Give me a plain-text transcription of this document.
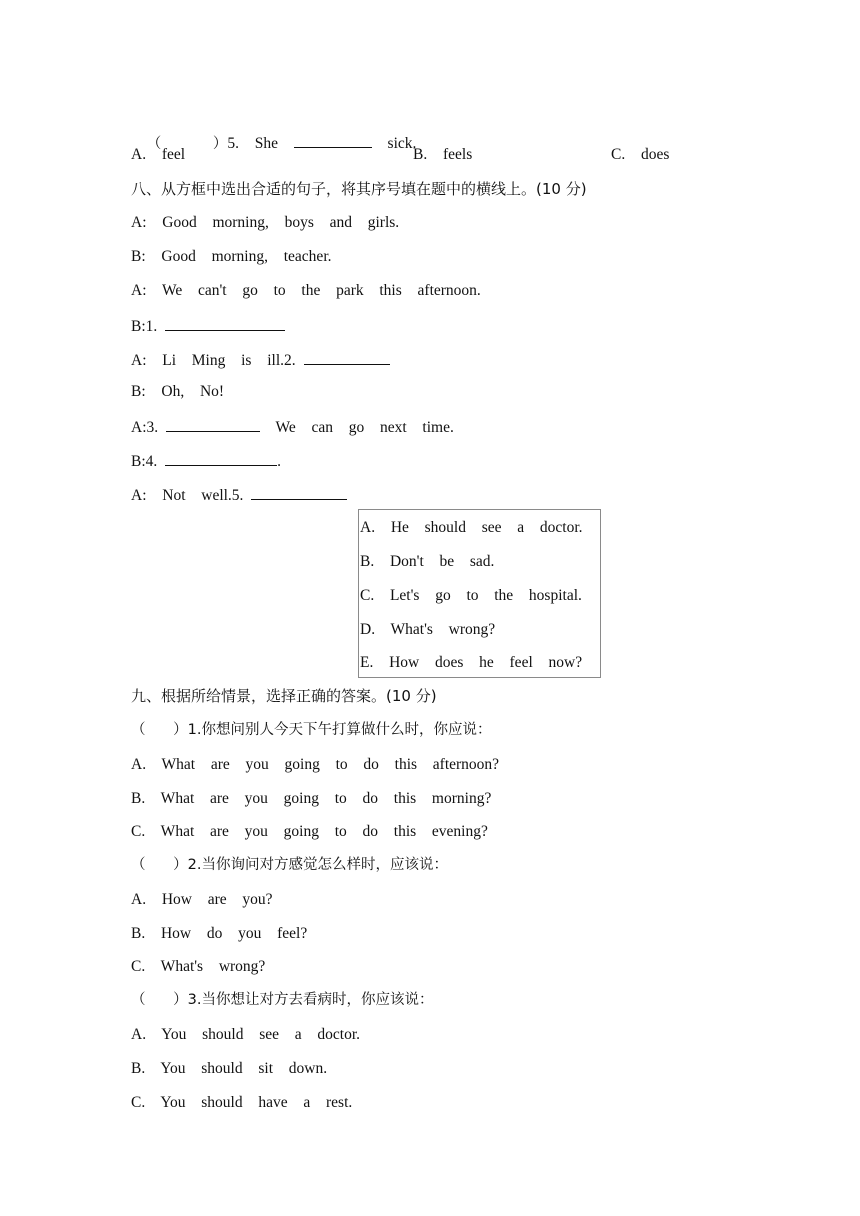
（      ）5.  She	sick.

A.  feel	B.  feels	C.  does
八、从方框中选出合适的句子，将其序号填在题中的横线上。(10 分)
A:  Good  morning,  boys  and  girls.
B:  Good  morning,  teacher.
A:  We  can't  go  to  the  park  this  afternoon.
B:1.
A:  Li  Ming  is  ill.2.
B:  Oh,  No!
A:3.	We  can  go  next  time.
B:4.	.
A:  Not  well.5.
A.  He  should  see  a  doctor.
B.  Don't  be  sad.
C.  Let's  go  to  the  hospital.
D.  What's  wrong?
E.  How  does  he  feel  now?
九、根据所给情景，选择正确的答案。(10 分)
（      ）1.你想问别人今天下午打算做什么时，你应说：
A.  What  are  you  going  to  do  this  afternoon?
B.  What  are  you  going  to  do  this  morning?
C.  What  are  you  going  to  do  this  evening?
（      ）2.当你询问对方感觉怎么样时，应该说：
A.  How  are  you?
B.  How  do  you  feel?
C.  What's  wrong?
（      ）3.当你想让对方去看病时，你应该说：
A.  You  should  see  a  doctor.
B.  You  should  sit  down.
C.  You  should  have  a  rest.
